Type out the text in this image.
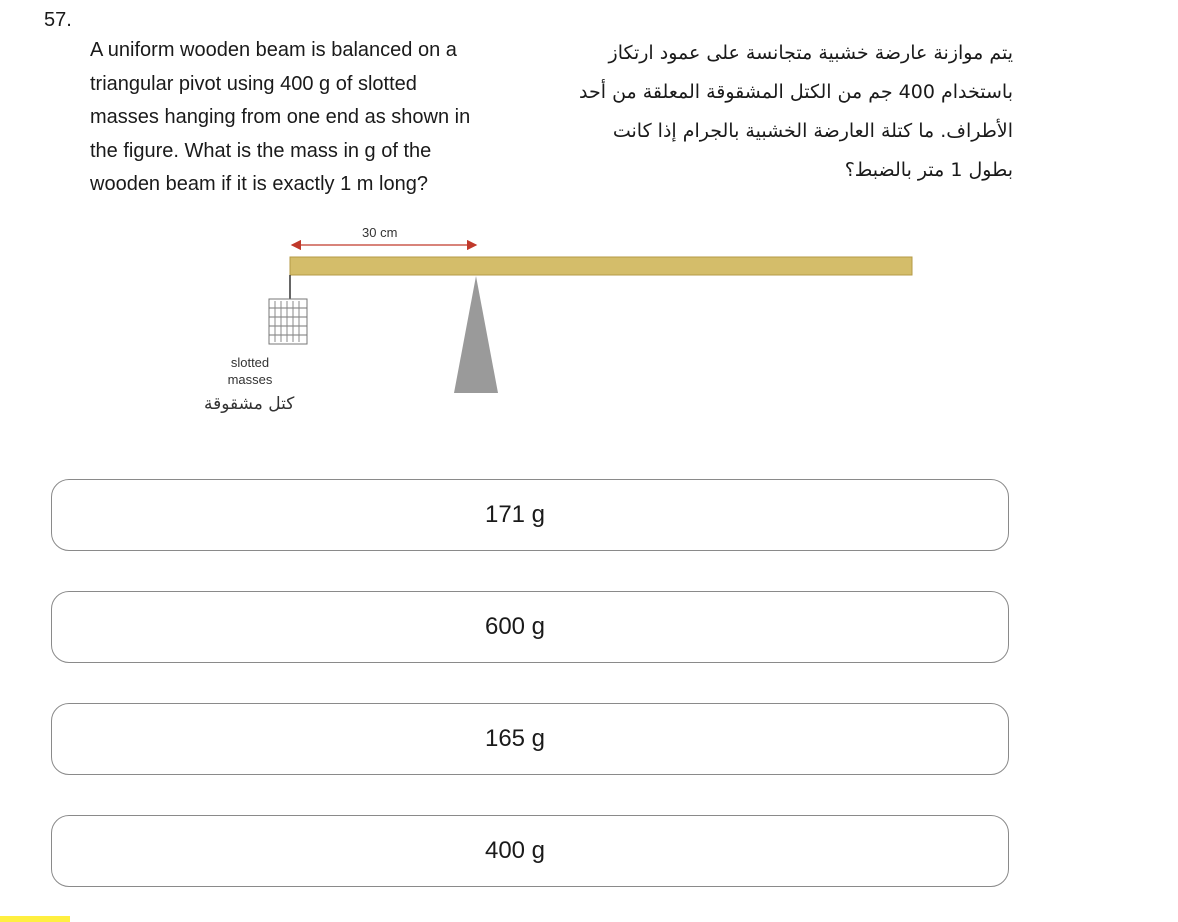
57.
A uniform wooden beam is balanced on a
triangular pivot using 400 g of slotted
masses hanging from one end as shown in
the figure. What is the mass in g of the
wooden beam if it is exactly 1 m long?
يتم موازنة عارضة خشبية متجانسة على عمود ارتكاز
باستخدام 400 جم من الكتل المشقوقة المعلقة من أحد
الأطراف. ما كتلة العارضة الخشبية بالجرام إذا كانت
بطول 1 متر بالضبط؟
30 cm
slotted
masses
كتل مشقوقة
171 g
600 g
165 g
400 g
